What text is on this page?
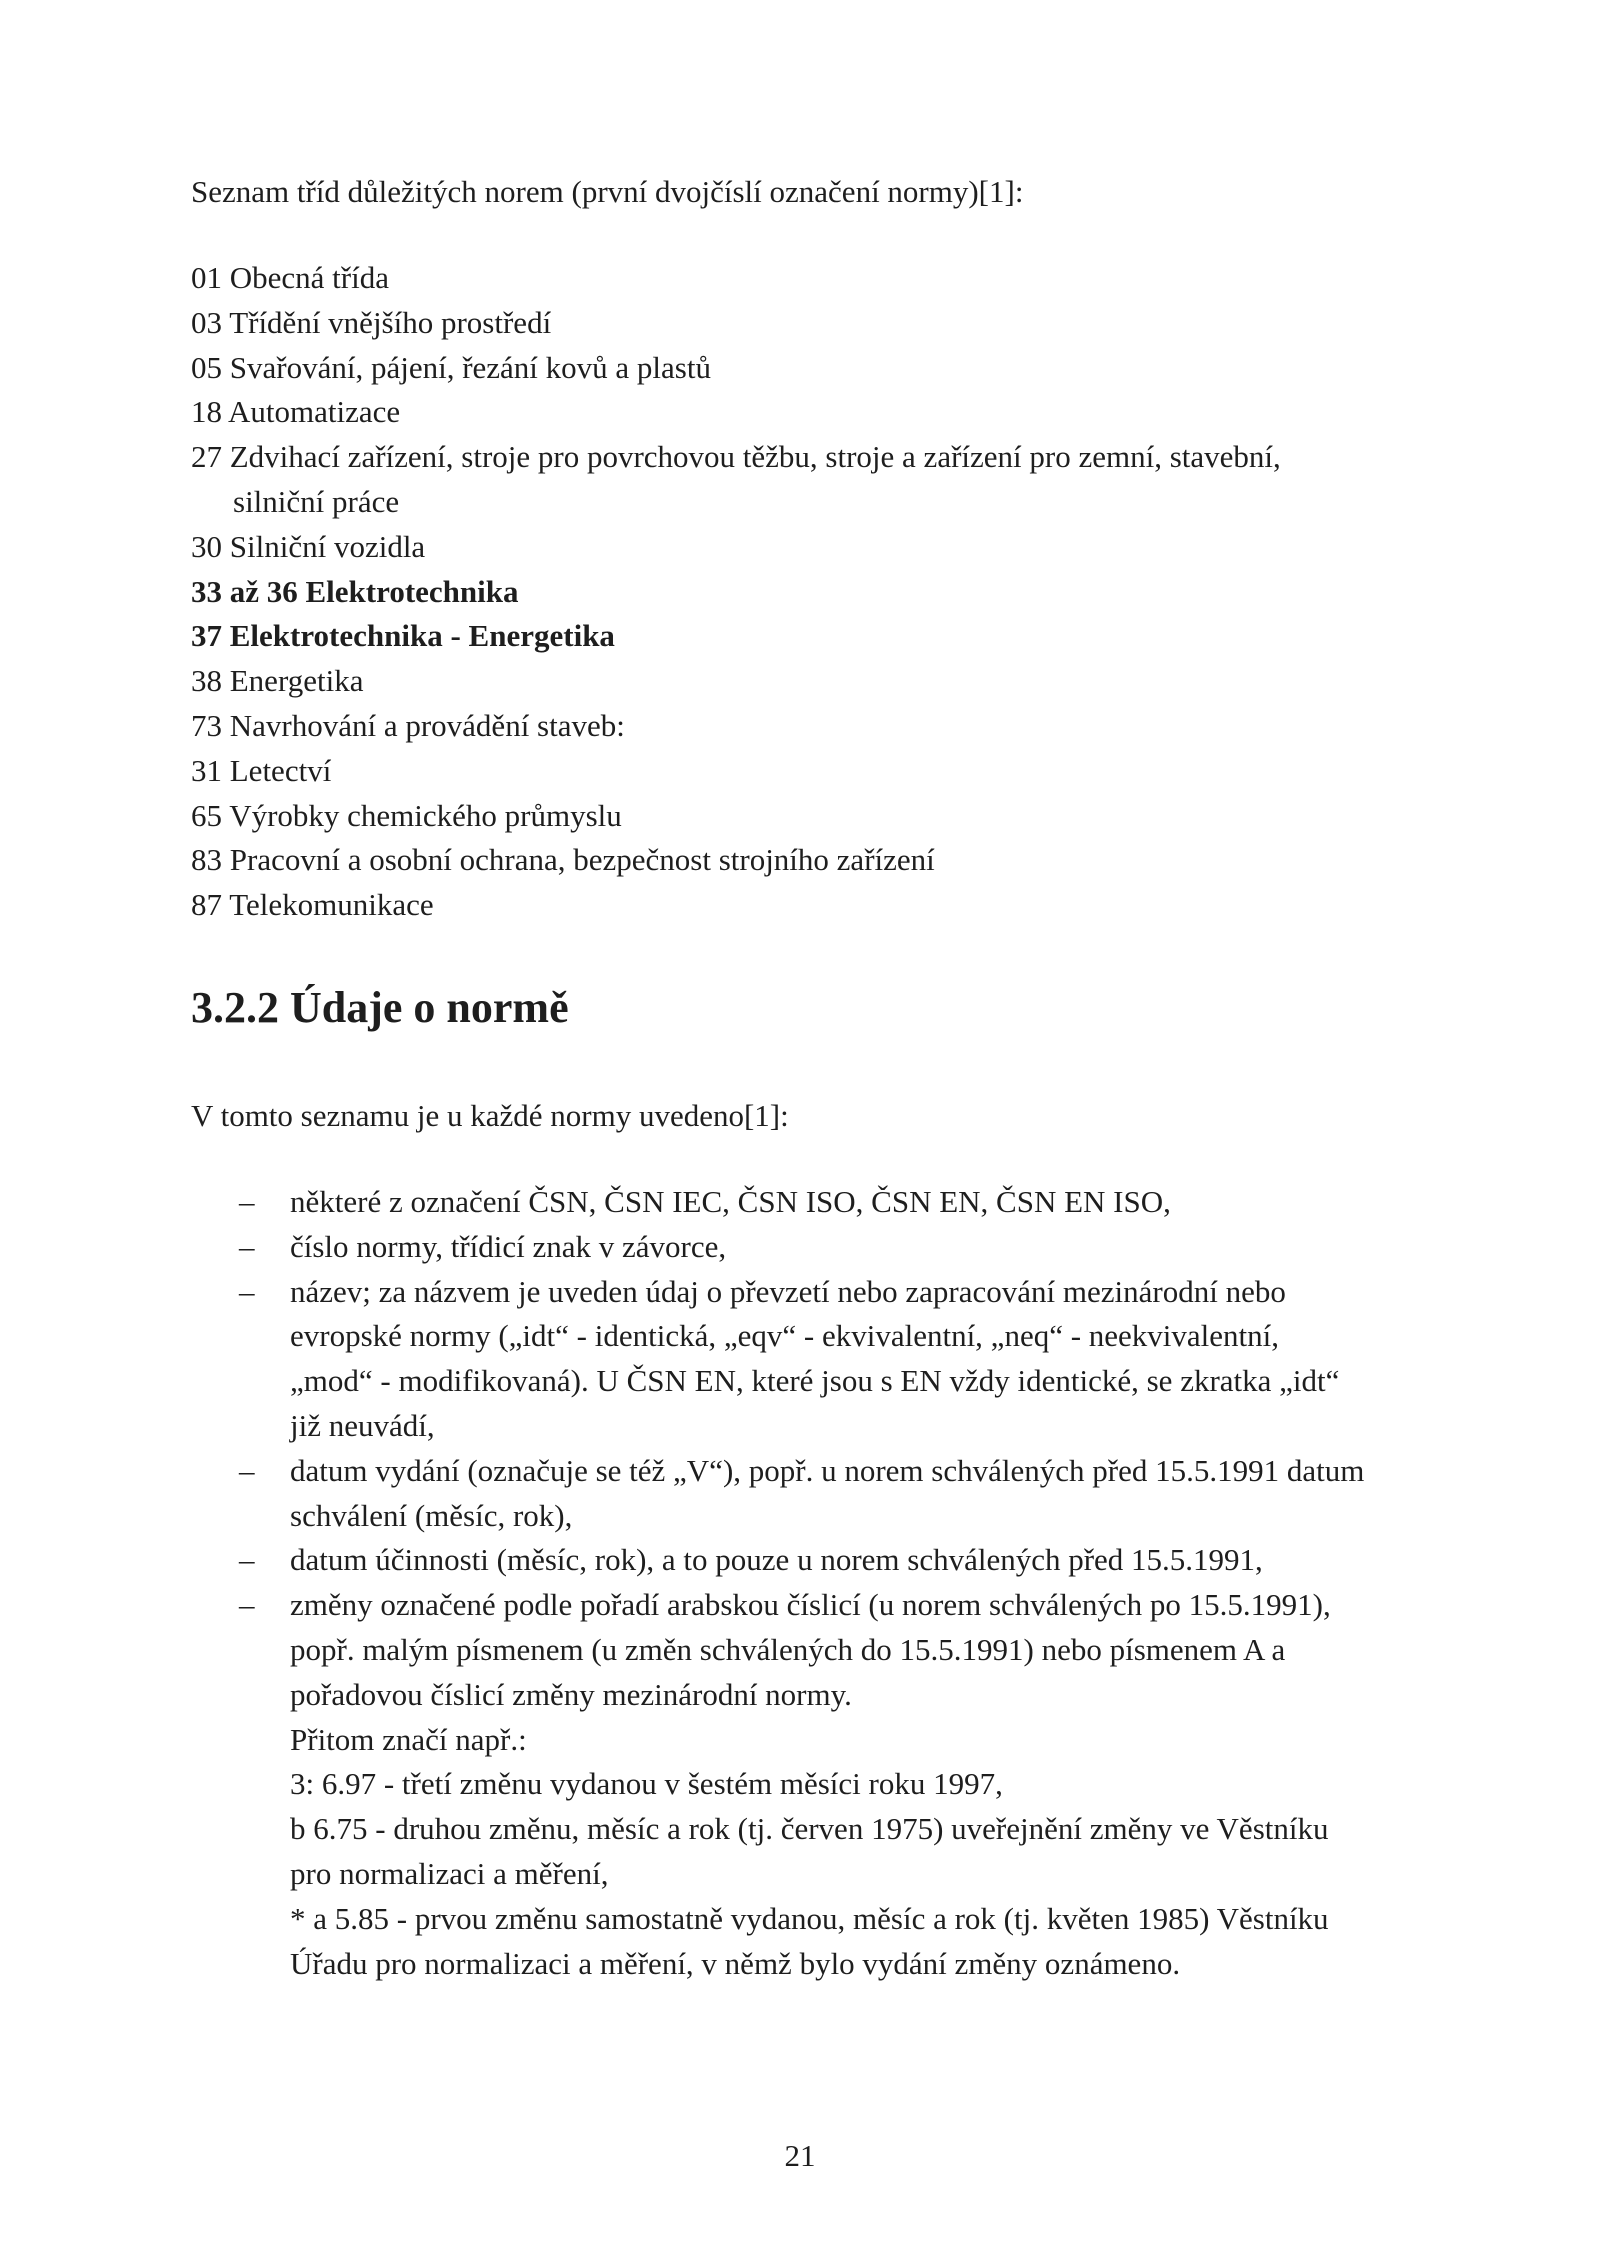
Seznam tříd důležitých norem (první dvojčíslí označení normy)[1]:

01 Obecná třída
03 Třídění vnějšího prostředí
05 Svařování, pájení, řezání kovů a plastů
18 Automatizace
27 Zdvihací zařízení, stroje pro povrchovou těžbu, stroje a zařízení pro zemní, stavební, silniční práce
30 Silniční vozidla
33 až 36 Elektrotechnika
37 Elektrotechnika - Energetika
38 Energetika
73 Navrhování a provádění staveb:
31 Letectví
65 Výrobky chemického průmyslu
83 Pracovní a osobní ochrana, bezpečnost strojního zařízení
87 Telekomunikace
3.2.2 Údaje o normě

V tomto seznamu je u každé normy uvedeno[1]:

– některé z označení ČSN, ČSN IEC, ČSN ISO, ČSN EN, ČSN EN ISO,
– číslo normy, třídicí znak v závorce,
– název; za názvem je uveden údaj o převzetí nebo zapracování mezinárodní nebo
evropské normy („idt“ - identická, „eqv“ - ekvivalentní, „neq“ - neekvivalentní,
„mod“ - modifikovaná). U ČSN EN, které jsou s EN vždy identické, se zkratka „idt“
již neuvádí,
– datum vydání (označuje se též „V“), popř. u norem schválených před 15.5.1991 datum
schválení (měsíc, rok),
– datum účinnosti (měsíc, rok), a to pouze u norem schválených před 15.5.1991,
– změny označené podle pořadí arabskou číslicí (u norem schválených po 15.5.1991),
popř. malým písmenem (u změn schválených do 15.5.1991) nebo písmenem A a
pořadovou číslicí změny mezinárodní normy.
Přitom značí např.:
3: 6.97 - třetí změnu vydanou v šestém měsíci roku 1997,
b 6.75 - druhou změnu, měsíc a rok (tj. červen 1975) uveřejnění změny ve Věstníku
pro normalizaci a měření,
* a 5.85 - prvou změnu samostatně vydanou, měsíc a rok (tj. květen 1985) Věstníku
Úřadu pro normalizaci a měření, v němž bylo vydání změny oznámeno.

21
